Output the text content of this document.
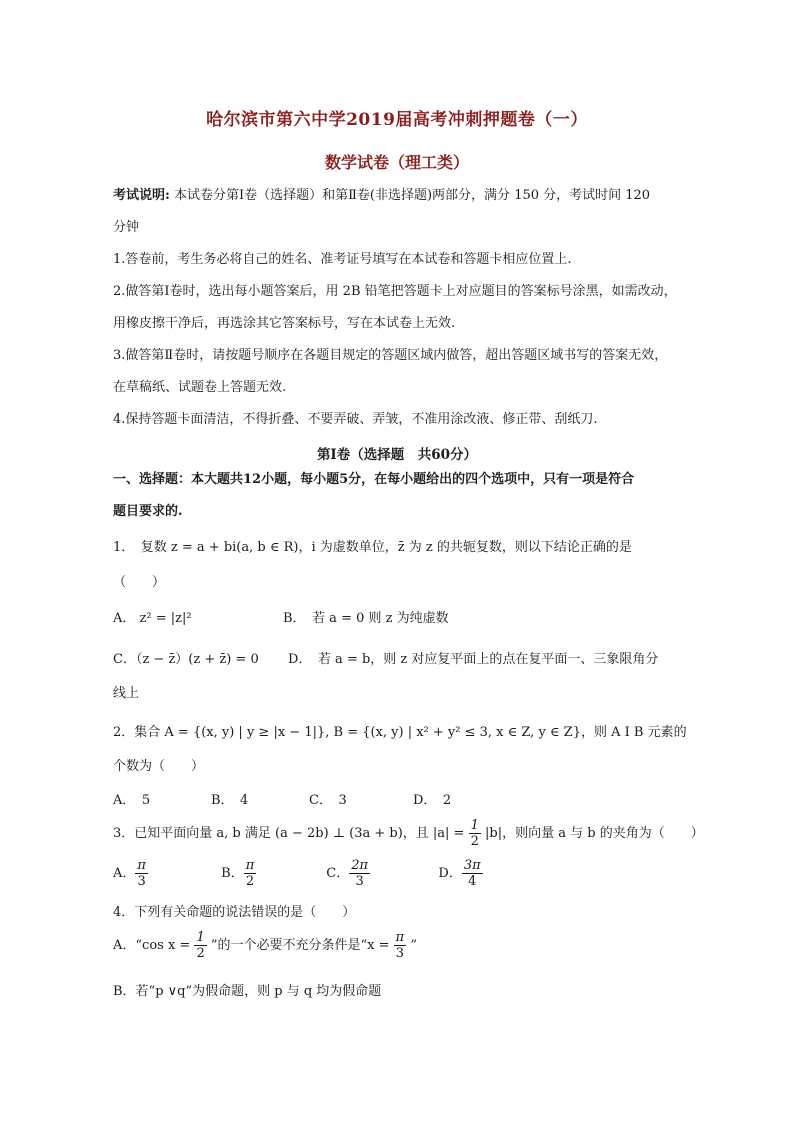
哈尔滨市第六中学2019届高考冲刺押题卷（一）
数学试卷（理工类）
考试说明: 本试卷分第Ⅰ卷（选择题）和第Ⅱ卷(非选择题)两部分，满分 150 分，考试时间 120
分钟
1.答卷前，考生务必将自己的姓名、准考证号填写在本试卷和答题卡相应位置上.
2.做答第Ⅰ卷时，选出每小题答案后，用 2B 铅笔把答题卡上对应题目的答案标号涂黑，如需改动，
用橡皮擦干净后，再选涂其它答案标号，写在本试卷上无效.
3.做答第Ⅱ卷时，请按题号顺序在各题目规定的答题区域内做答，超出答题区域书写的答案无效，
在草稿纸、试题卷上答题无效.
4.保持答题卡面清洁，不得折叠、不要弄破、弄皱，不准用涂改液、修正带、刮纸刀.
第Ⅰ卷（选择题　共60分）
一、选择题：本大题共12小题，每小题5分，在每小题给出的四个选项中，只有一项是符合
题目要求的.
1．　复数 z = a + bi(a, b ∈ R)，i 为虚数单位，z̄ 为 z 的共轭复数，则以下结论正确的是
（　　）
A． z² = |z|²	B．　若 a = 0 则 z 为纯虚数
C．（z − z̄）(z + z̄) = 0 D．　若 a = b，则 z 对应复平面上的点在复平面一、三象限角分
线上
2．集合 A = {(x, y) | y ≥ |x − 1|}, B = {(x, y) | x² + y² ≤ 3, x ∈ Z, y ∈ Z}，则 A I B 元素的
个数为（　　）
A．　5	B．　4	C．　3	D．　2
3．已知平面向量 a, b 满足 (a − 2b) ⊥ (3a + b)，且 $|a| = \frac{1}{2} |b|$，则向量 a 与 b 的夹角为（　　）
A． $\frac{\pi}{3}$	B． $\frac{\pi}{2}$	C． $\frac{2\pi}{3}$	D． $\frac{3\pi}{4}$
4．下列有关命题的说法错误的是（　　）
A．“cos $x = \frac{1}{2}$ ”的一个必要不充分条件是“$x = \frac{\pi}{3}$ ”
B．若“p ∨q”为假命题，则 p 与 q 均为假命题
